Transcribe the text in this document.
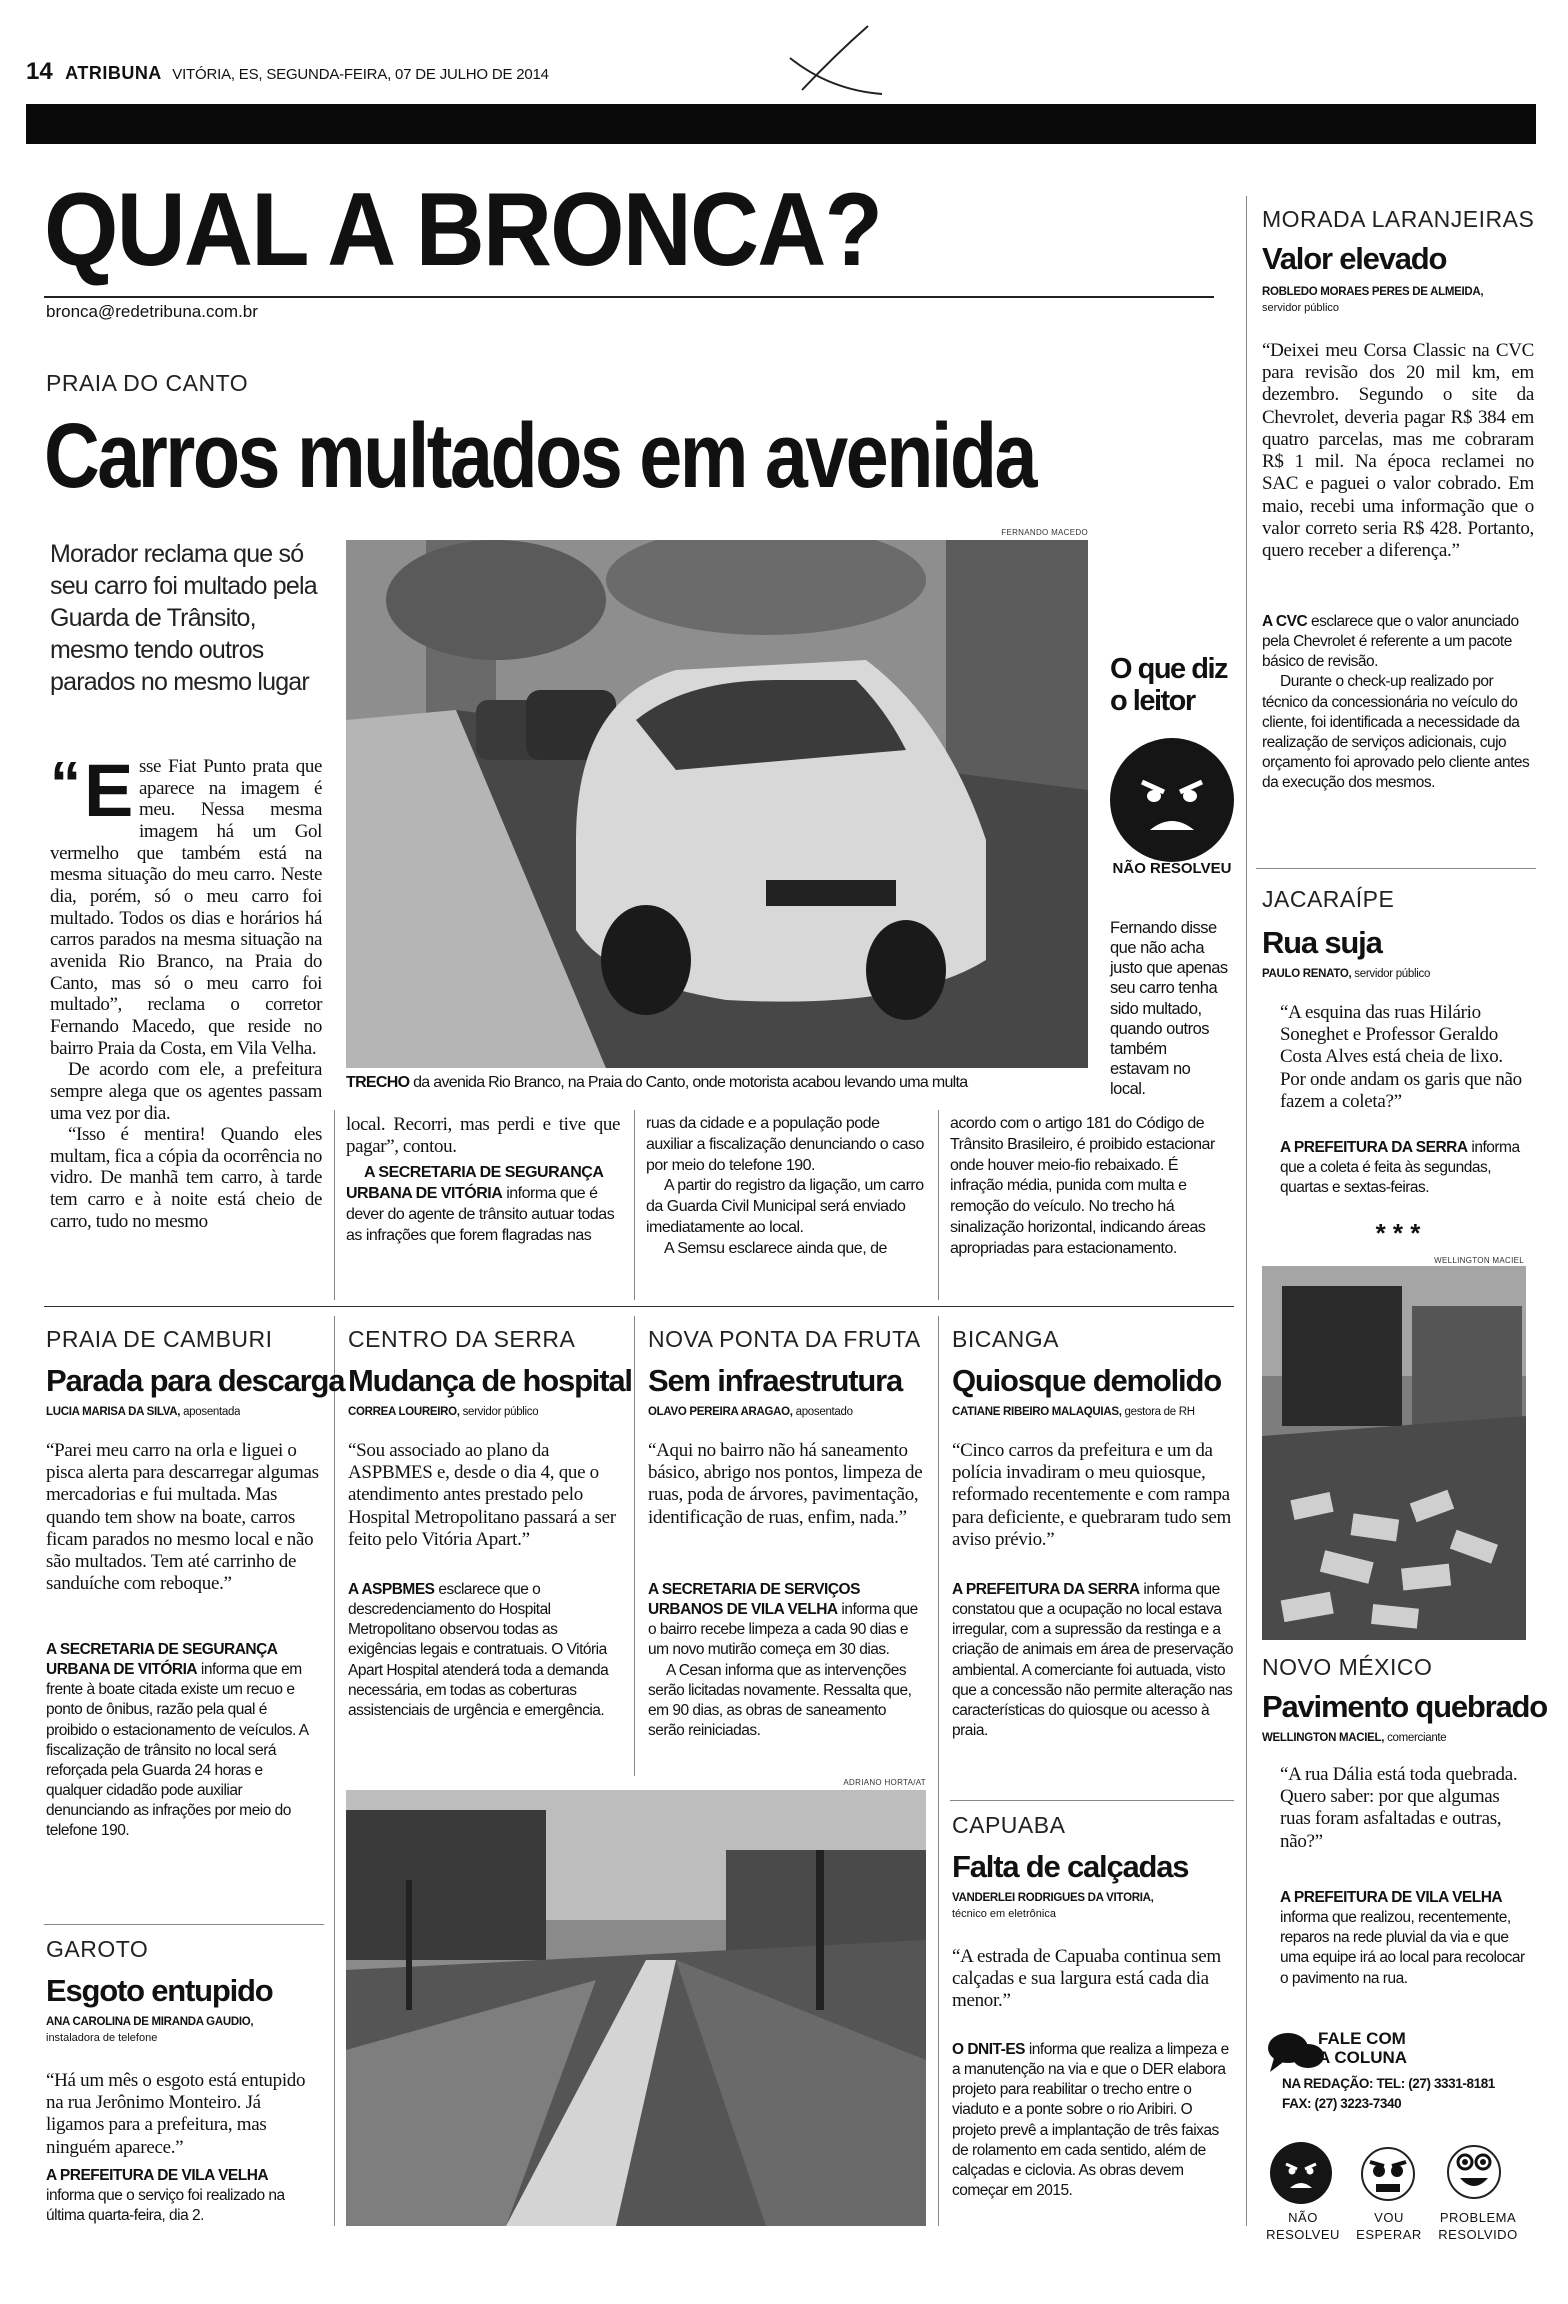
14 ATRIBUNA VITÓRIA, ES, SEGUNDA-FEIRA, 07 DE JULHO DE 2014
QUAL A BRONCA?
bronca@redetribuna.com.br
PRAIA DO CANTO
Carros multados em avenida
Morador reclama que só seu carro foi multado pela Guarda de Trânsito, mesmo tendo outros parados no mesmo lugar
E
“	sse Fiat Punto prata que aparece na imagem é meu. Nessa mesma imagem há um Gol vermelho que também está na mesma situação do meu carro. Neste dia, porém, só o meu carro foi multado. Todos os dias e horários há carros parados na mesma situação na avenida Rio Branco, na Praia do Canto, mas só o meu carro foi multado”, reclama o corretor Fernando Macedo, que reside no bairro Praia da Costa, em Vila Velha.

De acordo com ele, a prefeitura sempre alega que os agentes passam uma vez por dia.

“Isso é mentira! Quando eles multam, fica a cópia da ocorrência no vidro. De manhã tem carro, à tarde tem carro e à noite está cheio de carro, tudo no mesmo

FERNANDO MACEDO
TRECHO da avenida Rio Branco, na Praia do Canto, onde motorista acabou levando uma multa
O que diz o leitor
NÃO RESOLVEU
Fernando disse que não acha justo que apenas seu carro tenha sido multado, quando outros também estavam no local.

local. Recorri, mas perdi e tive que pagar”, contou.

A SECRETARIA DE SEGURANÇA URBANA DE VITÓRIA informa que é dever do agente de trânsito autuar todas as infrações que forem flagradas nas

ruas da cidade e a população pode auxiliar a fiscalização denunciando o caso por meio do telefone 190.

A partir do registro da ligação, um carro da Guarda Civil Municipal será enviado imediatamente ao local.

A Semsu esclarece ainda que, de

acordo com o artigo 181 do Código de Trânsito Brasileiro, é proibido estacionar onde houver meio-fio rebaixado. É infração média, punida com multa e remoção do veículo. No trecho há sinalização horizontal, indicando áreas apropriadas para estacionamento.
MORADA LARANJEIRAS
Valor elevado
ROBLEDO MORAES PERES DE ALMEIDA,
servidor público
“Deixei meu Corsa Classic na CVC para revisão dos 20 mil km, em dezembro. Segundo o site da Chevrolet, deveria pagar R$ 384 em quatro parcelas, mas me cobraram R$ 1 mil. Na época reclamei no SAC e paguei o valor cobrado. Em maio, recebi uma informação que o valor correto seria R$ 428. Portanto, quero receber a diferença.”

A CVC esclarece que o valor anunciado pela Chevrolet é referente a um pacote básico de revisão.

Durante o check-up realizado por técnico da concessionária no veículo do cliente, foi identificada a necessidade da realização de serviços adicionais, cujo orçamento foi aprovado pelo cliente antes da execução dos mesmos.

JACARAÍPE
Rua suja
PAULO RENATO, servidor público
“A esquina das ruas Hilário Soneghet e Professor Geraldo Costa Alves está cheia de lixo. Por onde andam os garis que não fazem a coleta?”
A PREFEITURA DA SERRA informa que a coleta é feita às segundas, quartas e sextas-feiras.
* * *
WELLINGTON MACIEL
NOVO MÉXICO
Pavimento quebrado
WELLINGTON MACIEL, comerciante
“A rua Dália está toda quebrada. Quero saber: por que algumas ruas foram asfaltadas e outras, não?”
A PREFEITURA DE VILA VELHA informa que realizou, recentemente, reparos na rede pluvial da via e que uma equipe irá ao local para recolocar o pavimento na rua.
FALE COM
A COLUNA
NA REDAÇÃO: TEL: (27) 3331-8181
FAX: (27) 3223-7340
NÃO
RESOLVEU
VOU
ESPERAR
PROBLEMA
RESOLVIDO
PRAIA DE CAMBURI
Parada para descarga
LUCIA MARISA DA SILVA, aposentada
“Parei meu carro na orla e liguei o pisca alerta para descarregar algumas mercadorias e fui multada. Mas quando tem show na boate, carros ficam parados no mesmo local e não são multados. Tem até carrinho de sanduíche com reboque.”
A SECRETARIA DE SEGURANÇA URBANA DE VITÓRIA informa que em frente à boate citada existe um recuo e ponto de ônibus, razão pela qual é proibido o estacionamento de veículos. A fiscalização de trânsito no local será reforçada pela Guarda 24 horas e qualquer cidadão pode auxiliar denunciando as infrações por meio do telefone 190.
GAROTO
Esgoto entupido
ANA CAROLINA DE MIRANDA GAUDIO,
instaladora de telefone
“Há um mês o esgoto está entupido na rua Jerônimo Monteiro. Já ligamos para a prefeitura, mas ninguém aparece.”
A PREFEITURA DE VILA VELHA informa que o serviço foi realizado na última quarta-feira, dia 2.
CENTRO DA SERRA
Mudança de hospital
CORREA LOUREIRO, servidor público
“Sou associado ao plano da ASPBMES e, desde o dia 4, que o atendimento antes prestado pelo Hospital Metropolitano passará a ser feito pelo Vitória Apart.”
A ASPBMES esclarece que o descredenciamento do Hospital Metropolitano observou todas as exigências legais e contratuais. O Vitória Apart Hospital atenderá toda a demanda necessária, em todas as coberturas assistenciais de urgência e emergência.
NOVA PONTA DA FRUTA
Sem infraestrutura
OLAVO PEREIRA ARAGÃO, aposentado
“Aqui no bairro não há saneamento básico, abrigo nos pontos, limpeza de ruas, poda de árvores, pavimentação, identificação de ruas, enfim, nada.”

A SECRETARIA DE SERVIÇOS URBANOS DE VILA VELHA informa que o bairro recebe limpeza a cada 90 dias e um novo mutirão começa em 30 dias.

A Cesan informa que as intervenções serão licitadas novamente. Ressalta que, em 90 dias, as obras de saneamento serão reiniciadas.

BICANGA
Quiosque demolido
CATIANE RIBEIRO MALAQUIAS, gestora de RH
“Cinco carros da prefeitura e um da polícia invadiram o meu quiosque, reformado recentemente e com rampa para deficiente, e quebraram tudo sem aviso prévio.”
A PREFEITURA DA SERRA informa que constatou que a ocupação no local estava irregular, com a supressão da restinga e a criação de animais em área de preservação ambiental. A comerciante foi autuada, visto que a concessão não permite alteração nas características do quiosque ou acesso à praia.
CAPUABA
Falta de calçadas
VANDERLEI RODRIGUES DA VITÓRIA,
técnico em eletrônica
“A estrada de Capuaba continua sem calçadas e sua largura está cada dia menor.”
O DNIT-ES informa que realiza a limpeza e a manutenção na via e que o DER elabora projeto para reabilitar o trecho entre o viaduto e a ponte sobre o rio Aribiri. O projeto prevê a implantação de três faixas de rolamento em cada sentido, além de calçadas e ciclovia. As obras devem começar em 2015.
ADRIANO HORTA/AT
